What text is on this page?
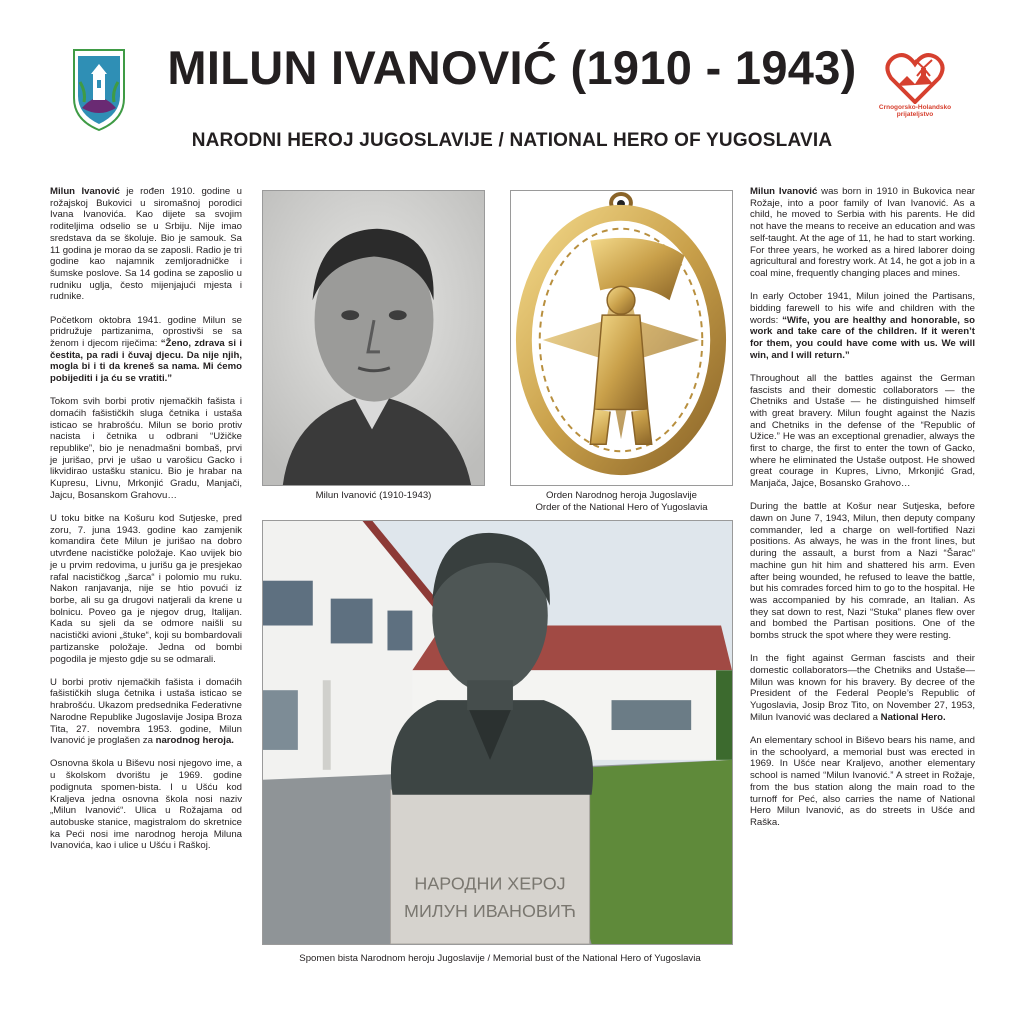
Crnogorsko-Holandsko
prijateljstvo
MILUN IVANOVIĆ (1910 - 1943)
NARODNI HEROJ JUGOSLAVIJE / NATIONAL HERO OF YUGOSLAVIA

Milun Ivanović je rođen 1910. godine u rožajskoj Bukovici u siromašnoj porodici Ivana Ivanovića. Kao dijete sa svojim roditeljima odselio se u Srbiju. Nije imao sredstava da se školuje. Bio je samouk. Sa 11 godina je morao da se zaposli. Radio je tri godine kao najamnik zemljoradničke i šumske poslove. Sa 14 godina se zaposlio u rudniku uglja, često mijenjajući mjesta i rudnike.

Početkom oktobra 1941. godine Milun se pridružuje partizanima, oprostivši se sa ženom i djecom riječima: “Ženo, zdrava si i čestita, pa radi i čuvaj djecu. Da nije njih, mogla bi i ti da kreneš sa nama. Mi ćemo pobijediti i ja ću se vratiti.”

Tokom svih borbi protiv njemačkih fašista i domaćih fašističkih sluga četnika i ustaša isticao se hrabrošću. Milun se borio protiv nacista i četnika u odbrani “Užičke republike”, bio je nenadmašni bombaš, prvi je jurišao, prvi je ušao u varošicu Gacko i likvidirao ustašku stanicu. Bio je hrabar na Kupresu, Livnu, Mrkonjić Gradu, Manjači, Jajcu, Bosanskom Grahovu…

U toku bitke na Košuru kod Sutjeske, pred zoru, 7. juna 1943. godine kao zamjenik komandira čete Milun je jurišao na dobro utvrđene nacističke položaje. Kao uvijek bio je u prvim redovima, u jurišu ga je presjekao rafal nacističkog „šarca“ i polomio mu ruku. Nakon ranjavanja, nije se htio povući iz borbe, ali su ga drugovi natjerali da krene u bolnicu. Poveo ga je njegov drug, Italijan. Kada su sjeli da se odmore naišli su nacistički avioni „štuke“, koji su bombardovali partizanske položaje. Jedna od bombi pogodila je mjesto gdje su se odmarali.

U borbi protiv njemačkih fašista i domaćih fašističkih sluga četnika i ustaša isticao se hrabrošću. Ukazom predsednika Federativne Narodne Republike Jugoslavije Josipa Broza Tita, 27. novembra 1953. godine, Milun Ivanović je proglašen za narodnog heroja.

Osnovna škola u Biševu nosi njegovo ime, a u školskom dvorištu je 1969. godine podignuta spomen-bista. I u Ušću kod Kraljeva jedna osnovna škola nosi naziv „Milun Ivanović“. Ulica u Rožajama od autobuske stanice, magistralom do skretnice ka Peći nosi ime narodnog heroja Miluna Ivanovića, kao i ulice u Ušću i Raškoj.

Milun Ivanović (1910-1943)	Orden Narodnog heroja Jugoslavije
Order of the National Hero of Yugoslavia
НАРОДНИ ХЕРОЈ
МИЛУН ИВАНОВИЋ
Spomen bista Narodnom heroju Jugoslavije / Memorial bust of the National Hero of Yugoslavia

Milun Ivanović was born in 1910 in Bukovica near Rožaje, into a poor family of Ivan Ivanović. As a child, he moved to Serbia with his parents. He did not have the means to receive an education and was self-taught. At the age of 11, he had to start working. For three years, he worked as a hired laborer doing agricultural and forestry work. At 14, he got a job in a coal mine, frequently changing places and mines.

In early October 1941, Milun joined the Partisans, bidding farewell to his wife and children with the words: “Wife, you are healthy and honorable, so work and take care of the children. If it weren’t for them, you could have come with us. We will win, and I will return.”

Throughout all the battles against the German fascists and their domestic collaborators — the Chetniks and Ustaše — he distinguished himself with great bravery. Milun fought against the Nazis and Chetniks in the defense of the “Republic of Užice.” He was an exceptional grenadier, always the first to charge, the first to enter the town of Gacko, where he eliminated the Ustaše outpost. He showed great courage in Kupres, Livno, Mrkonjić Grad, Manjača, Jajce, Bosansko Grahovo…

During the battle at Košur near Sutjeska, before dawn on June 7, 1943, Milun, then deputy company commander, led a charge on well-fortified Nazi positions. As always, he was in the front lines, but during the assault, a burst from a Nazi “Šarac” machine gun hit him and shattered his arm. Even after being wounded, he refused to leave the battle, but his comrades forced him to go to the hospital. He was accompanied by his comrade, an Italian. As they sat down to rest, Nazi “Stuka” planes flew over and bombed the Partisan positions. One of the bombs struck the spot where they were resting.

In the fight against German fascists and their domestic collaborators—the Chetniks and Ustaše—Milun was known for his bravery. By decree of the President of the Federal People’s Republic of Yugoslavia, Josip Broz Tito, on November 27, 1953, Milun Ivanović was declared a National Hero.

An elementary school in Biševo bears his name, and in the schoolyard, a memorial bust was erected in 1969. In Ušće near Kraljevo, another elementary school is named “Milun Ivanović.” A street in Rožaje, from the bus station along the main road to the turnoff for Peć, also carries the name of National Hero Milun Ivanović, as do streets in Ušće and Raška.
